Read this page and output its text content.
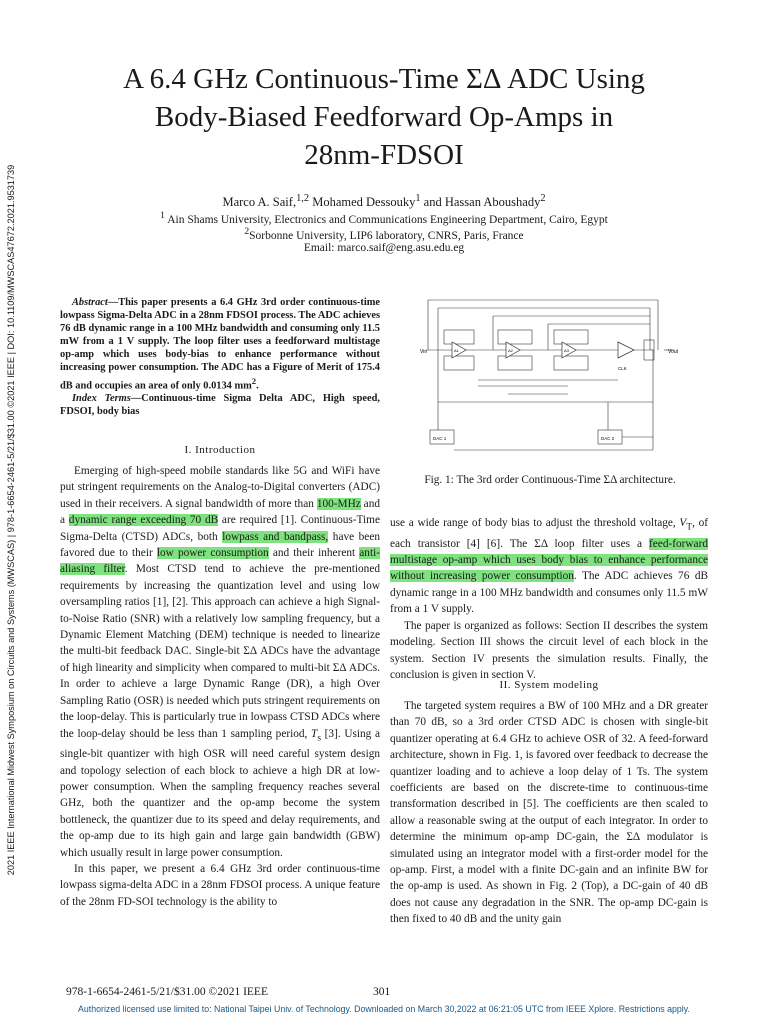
2021 IEEE International Midwest Symposium on Circuits and Systems (MWSCAS) | 978-1-6654-2461-5/21/$31.00 ©2021 IEEE | DOI: 10.1109/MWSCAS47672.2021.9531739
A 6.4 GHz Continuous-Time ΣΔ ADC Using
Body-Biased Feedforward Op-Amps in
28nm-FDSOI
Marco A. Saif,$^{1,2}$ Mohamed Dessouky$^1$ and Hassan Aboushady$^2$
$^1$ Ain Shams University, Electronics and Communications Engineering Department, Cairo, Egypt
$^2$Sorbonne University, LIP6 laboratory, CNRS, Paris, France
Email: marco.saif@eng.asu.edu.eg

Abstract—This paper presents a 6.4 GHz 3rd order continuous-time lowpass Sigma-Delta ADC in a 28nm FDSOI process. The ADC achieves 76 dB dynamic range in a 100 MHz bandwidth and consuming only 11.5 mW from a 1 V supply. The loop filter uses a feedforward multistage op-amp which uses body-bias to enhance performance without increasing power consumption. The ADC has a Figure of Merit of 175.4 dB and occupies an area of only 0.0134 $mm^2$.

Index Terms—Continuous-time Sigma Delta ADC, High speed, FDSOI, body bias

I. Introduction

Emerging of high-speed mobile standards like 5G and WiFi have put stringent requirements on the Analog-to-Digital converters (ADC) used in their receivers. A signal bandwidth of more than 100-MHz and a dynamic range exceeding 70 dB are required [1]. Continuous-Time Sigma-Delta (CTSD) ADCs, both lowpass and bandpass, have been favored due to their low power consumption and their inherent anti-aliasing filter. Most CTSD tend to achieve the pre-mentioned requirements by increasing the quantization level and using low oversampling ratios [1], [2]. This approach can achieve a high Signal-to-Noise Ratio (SNR) with a relatively low sampling frequency, but a Dynamic Element Matching (DEM) technique is needed to linearize the multi-bit feedback DAC. Single-bit ΣΔ ADCs have the advantage of high linearity and simplicity when compared to multi-bit ΣΔ ADCs. In order to achieve a large Dynamic Range (DR), a high Over Sampling Ratio (OSR) is needed which puts stringent requirements on the loop-delay. This is particularly true in lowpass CTSD ADCs where the loop-delay should be less than 1 sampling period, $T_s$ [3]. Using a single-bit quantizer with high OSR will need careful system design and topology selection of each block to achieve a high DR at low-power consumption. When the sampling frequency reaches several GHz, both the quantizer and the op-amp become the system bottleneck, the quantizer due to its speed and delay requirements, and the op-amp due to its high gain and large gain bandwidth (GBW) which usually result in large power consumption.

In this paper, we present a 6.4 GHz 3rd order continuous-time lowpass sigma-delta ADC in a 28nm FDSOI process. A unique feature of the 28nm FD-SOI technology is the ability to

Vin	Vout
CLK
A1	A2	A3
DAC 1	DAC 2
Fig. 1: The 3rd order Continuous-Time ΣΔ architecture.

use a wide range of body bias to adjust the threshold voltage, $V_T$, of each transistor [4] [6]. The ΣΔ loop filter uses a feed-forward multistage op-amp which uses body bias to enhance performance without increasing power consumption. The ADC achieves 76 dB dynamic range in a 100 MHz bandwidth and consumes only 11.5 mW from a 1 V supply.

The paper is organized as follows: Section II describes the system modeling. Section III shows the circuit level of each block in the system. Section IV presents the simulation results. Finally, the conclusion is given in section V.

II. System modeling

The targeted system requires a BW of 100 MHz and a DR greater than 70 dB, so a 3rd order CTSD ADC is chosen with single-bit quantizer operating at 6.4 GHz to achieve OSR of 32. A feed-forward architecture, shown in Fig. 1, is favored over feedback to decrease the quantizer loading and to achieve a loop delay of 1 Ts. The system coefficients are based on the discrete-time to continuous-time transformation described in [5]. The coefficients are then scaled to allow a reasonable swing at the output of each integrator. In order to determine the minimum op-amp DC-gain, the ΣΔ modulator is simulated using an integrator model with a first-order model for the op-amp. First, a model with a finite DC-gain and an infinite BW for the op-amp is used. As shown in Fig. 2 (Top), a DC-gain of 40 dB does not cause any degradation in the SNR. The op-amp DC-gain is then fixed to 40 dB and the unity gain

978-1-6654-2461-5/21/$31.00 ©2021 IEEE	301
Authorized licensed use limited to: National Taipei Univ. of Technology. Downloaded on March 30,2022 at 06:21:05 UTC from IEEE Xplore. Restrictions apply.
